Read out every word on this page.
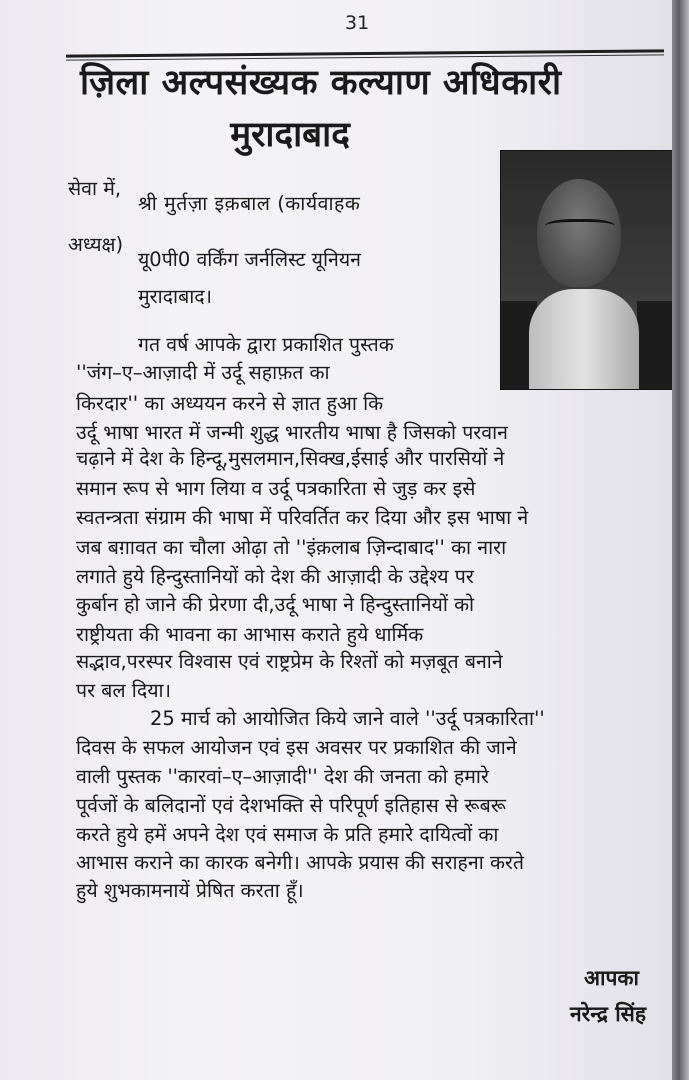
31
ज़िला अल्पसंख्यक कल्याण अधिकारी
मुरादाबाद
सेवा में,
श्री मुर्तज़ा इक़बाल (कार्यवाहक
अध्यक्ष)
यू0पी0 वर्किंग जर्नलिस्ट यूनियन
मुरादाबाद।
गत वर्ष आपके द्वारा प्रकाशित पुस्तक
''जंग–ए–आज़ादी में उर्दू सहाफ़त का
किरदार'' का अध्ययन करने से ज्ञात हुआ कि
उर्दू भाषा भारत में जन्मी शुद्ध भारतीय भाषा है जिसको परवान
चढ़ाने में देश के हिन्दू,मुसलमान,सिक्ख,ईसाई और पारसियों ने
समान रूप से भाग लिया व उर्दू पत्रकारिता से जुड़ कर इसे
स्वतन्त्रता संग्राम की भाषा में परिवर्तित कर दिया और इस भाषा ने
जब बग़ावत का चौला ओढ़ा तो ''इंक़लाब ज़िन्दाबाद'' का नारा
लगाते हुये हिन्दुस्तानियों को देश की आज़ादी के उद्देश्य पर
कुर्बान हो जाने की प्रेरणा दी,उर्दू भाषा ने हिन्दुस्तानियों को
राष्ट्रीयता की भावना का आभास कराते हुये धार्मिक
सद्भाव,परस्पर विश्वास एवं राष्ट्रप्रेम के रिश्तों को मज़बूत बनाने
पर बल दिया।
25 मार्च को आयोजित किये जाने वाले ''उर्दू पत्रकारिता''
दिवस के सफल आयोजन एवं इस अवसर पर प्रकाशित की जाने
वाली पुस्तक ''कारवां–ए–आज़ादी'' देश की जनता को हमारे
पूर्वजों के बलिदानों एवं देशभक्ति से परिपूर्ण इतिहास से रूबरू
करते हुये हमें अपने देश एवं समाज के प्रति हमारे दायित्वों का
आभास कराने का कारक बनेगी। आपके प्रयास की सराहना करते
हुये शुभकामनायें प्रेषित करता हूँ।
आपका
नरेन्द्र सिंह
